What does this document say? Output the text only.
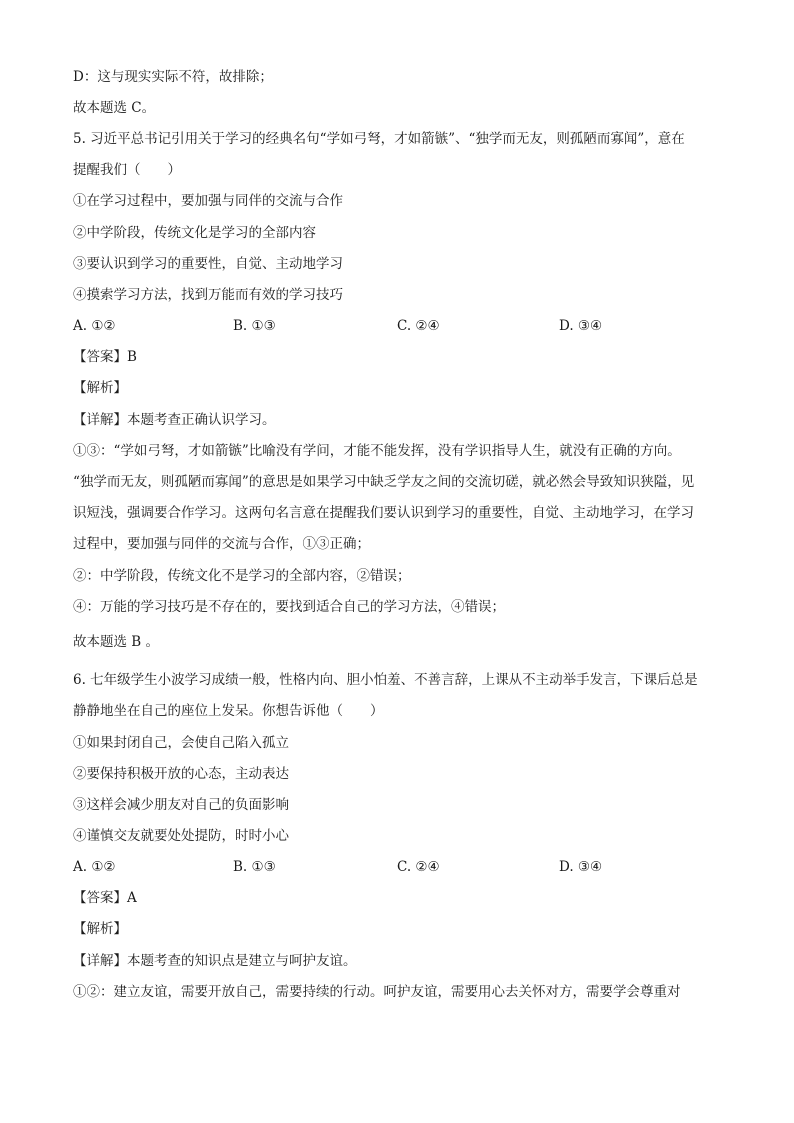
D：这与现实实际不符，故排除；
故本题选 C。
5. 习近平总书记引用关于学习的经典名句“学如弓弩，才如箭镞”、“独学而无友，则孤陋而寡闻”，意在
提醒我们（　　）
①在学习过程中，要加强与同伴的交流与合作
②中学阶段，传统文化是学习的全部内容
③要认识到学习的重要性，自觉、主动地学习
④摸索学习方法，找到万能而有效的学习技巧
A. ①②	B. ①③	C. ②④	D. ③④
【答案】B
【解析】
【详解】本题考查正确认识学习。
①③：“学如弓弩，才如箭镞”比喻没有学问，才能不能发挥，没有学识指导人生，就没有正确的方向。
“独学而无友，则孤陋而寡闻”的意思是如果学习中缺乏学友之间的交流切磋，就必然会导致知识狭隘，见
识短浅，强调要合作学习。这两句名言意在提醒我们要认识到学习的重要性，自觉、主动地学习，在学习
过程中，要加强与同伴的交流与合作，①③正确；
②：中学阶段，传统文化不是学习的全部内容，②错误；
④：万能的学习技巧是不存在的，要找到适合自己的学习方法，④错误；
故本题选 B 。
6. 七年级学生小波学习成绩一般，性格内向、胆小怕羞、不善言辞，上课从不主动举手发言，下课后总是
静静地坐在自己的座位上发呆。你想告诉他（　　）
①如果封闭自己，会使自己陷入孤立
②要保持积极开放的心态，主动表达
③这样会减少朋友对自己的负面影响
④谨慎交友就要处处提防，时时小心
A. ①②	B. ①③	C. ②④	D. ③④
【答案】A
【解析】
【详解】本题考查的知识点是建立与呵护友谊。
①②：建立友谊，需要开放自己，需要持续的行动。呵护友谊，需要用心去关怀对方，需要学会尊重对
